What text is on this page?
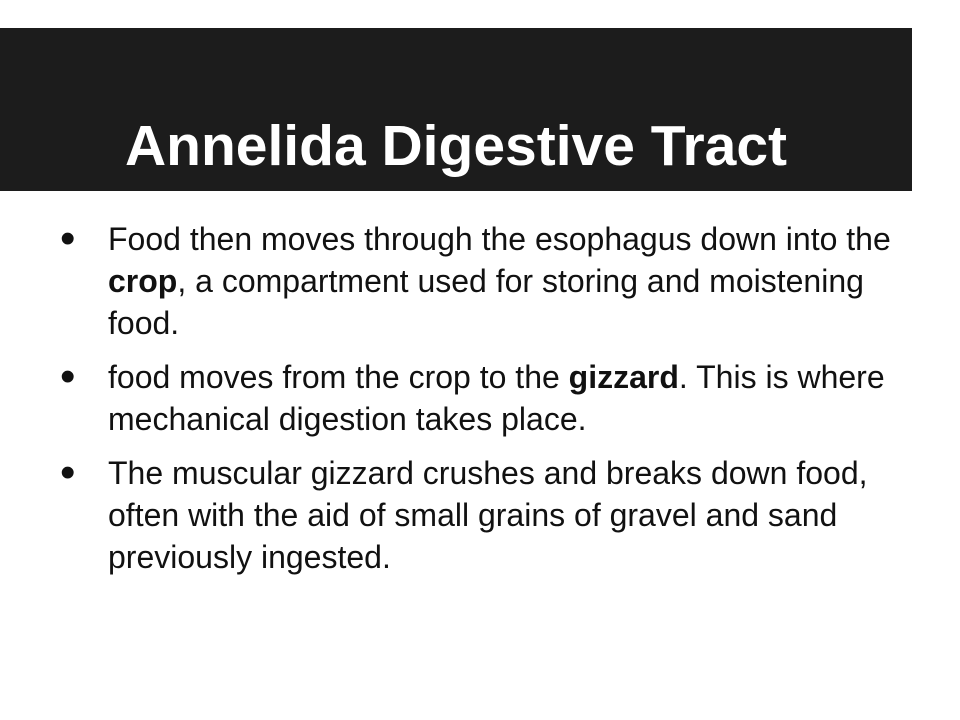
Annelida Digestive Tract
• Food then moves through the esophagus down into the crop, a compartment used for storing and moistening food.
• food moves from the crop to the gizzard. This is where mechanical digestion takes place.
• The muscular gizzard crushes and breaks down food, often with the aid of small grains of gravel and sand previously ingested.
